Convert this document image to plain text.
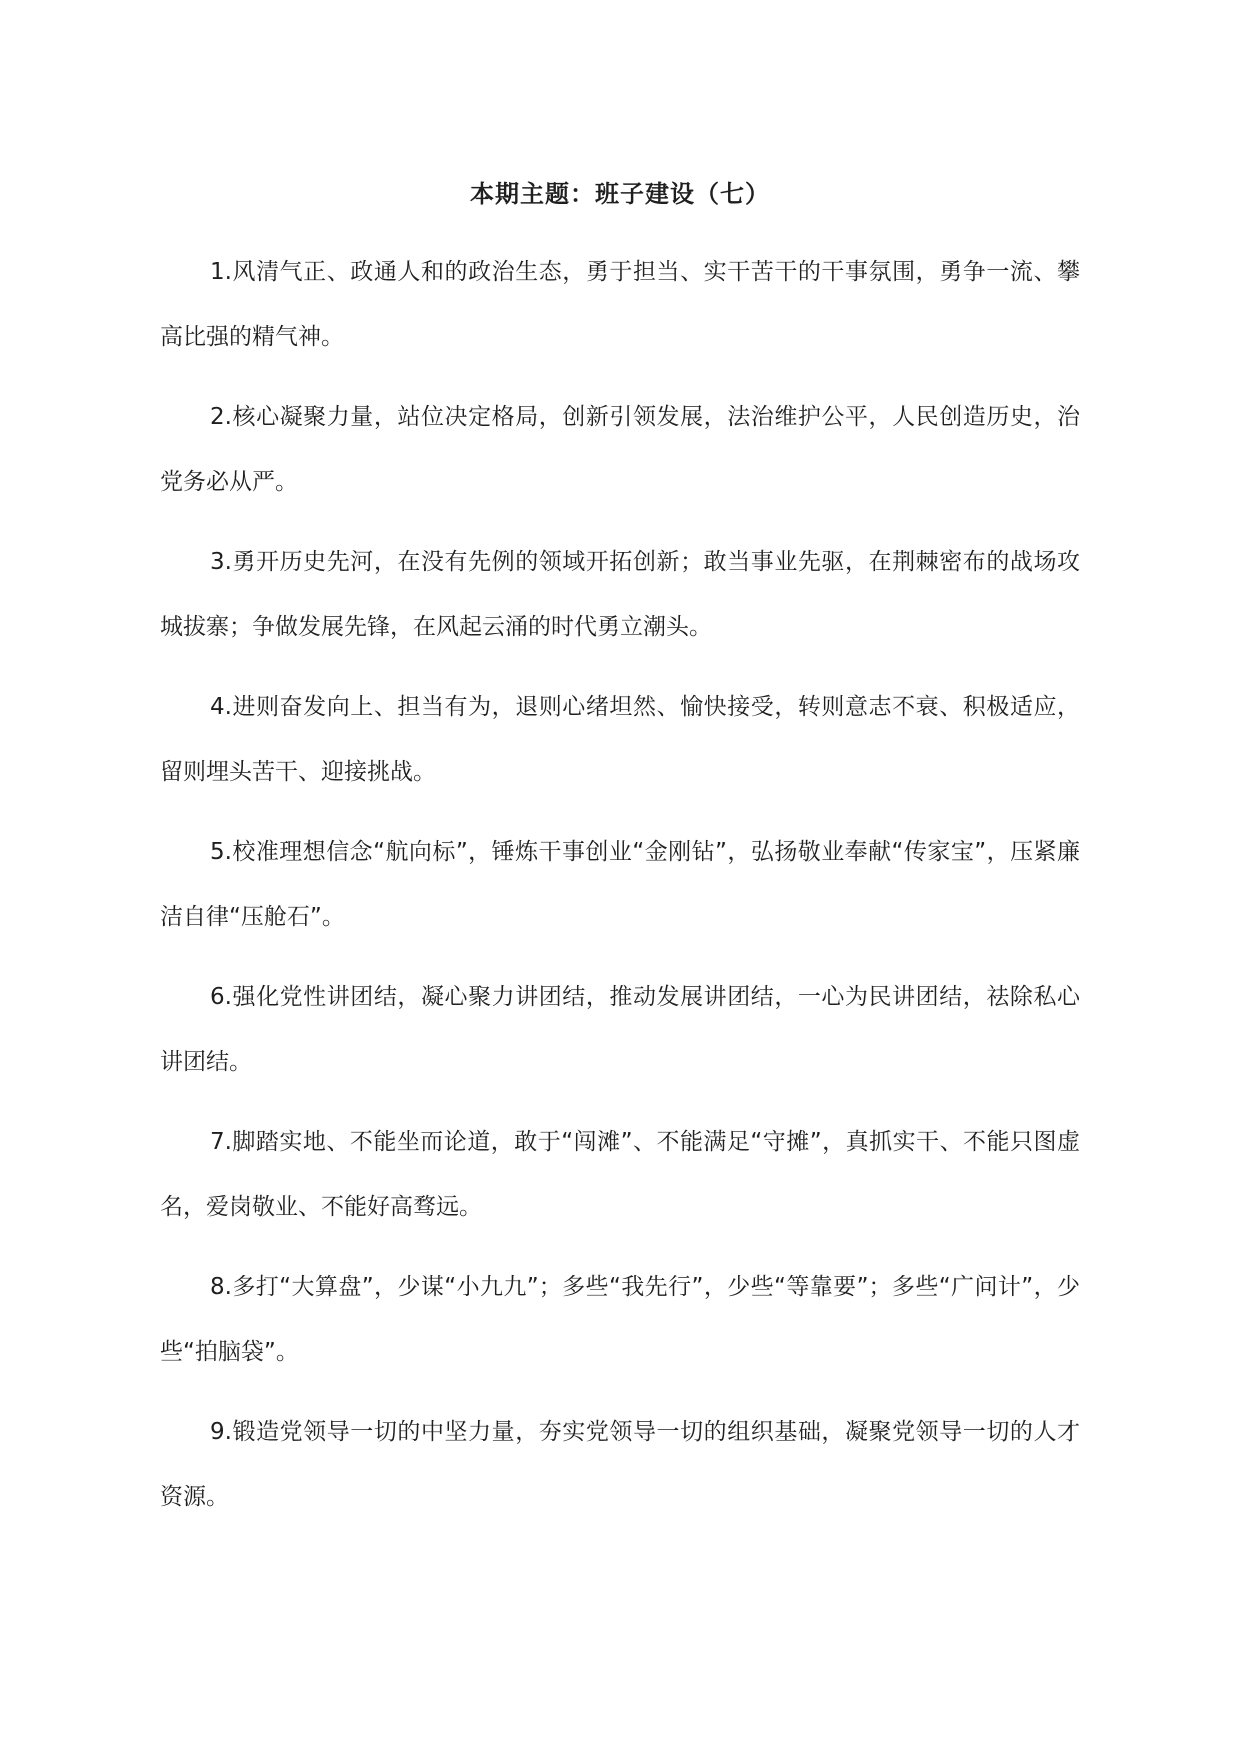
本期主题：班子建设（七）

1.风清气正、政通人和的政治生态，勇于担当、实干苦干的干事氛围，勇争一流、攀高比强的精气神。

2.核心凝聚力量，站位决定格局，创新引领发展，法治维护公平，人民创造历史，治党务必从严。

3.勇开历史先河，在没有先例的领域开拓创新；敢当事业先驱，在荆棘密布的战场攻城拔寨；争做发展先锋，在风起云涌的时代勇立潮头。

4.进则奋发向上、担当有为，退则心绪坦然、愉快接受，转则意志不衰、积极适应，留则埋头苦干、迎接挑战。

5.校准理想信念“航向标”，锤炼干事创业“金刚钻”，弘扬敬业奉献“传家宝”，压紧廉洁自律“压舱石”。

6.强化党性讲团结，凝心聚力讲团结，推动发展讲团结，一心为民讲团结，祛除私心讲团结。

7.脚踏实地、不能坐而论道，敢于“闯滩”、不能满足“守摊”，真抓实干、不能只图虚名，爱岗敬业、不能好高骛远。

8.多打“大算盘”，少谋“小九九”；多些“我先行”，少些“等靠要”；多些“广问计”，少些“拍脑袋”。

9.锻造党领导一切的中坚力量，夯实党领导一切的组织基础，凝聚党领导一切的人才资源。
